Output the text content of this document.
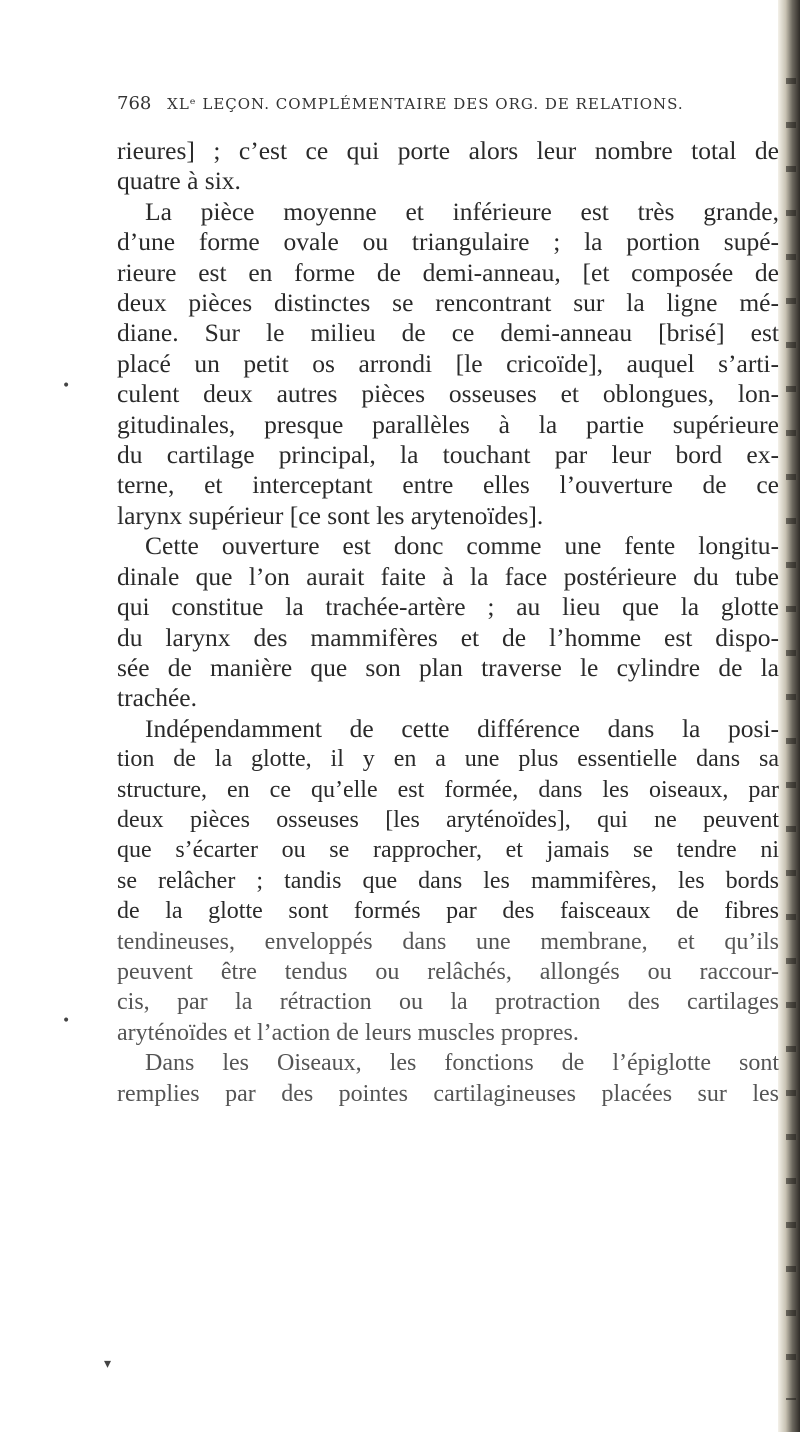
768 XLᵉ LEÇON. COMPLÉMENTAIRE DES ORG. DE RELATIONS.
rieures] ; c’est ce qui porte alors leur nombre total de
quatre à six.
La pièce moyenne et inférieure est très grande,
d’une forme ovale ou triangulaire ; la portion supé-
rieure est en forme de demi-anneau, [et composée de
deux pièces distinctes se rencontrant sur la ligne mé-
diane. Sur le milieu de ce demi-anneau [brisé] est
placé un petit os arrondi [le cricoïde], auquel s’arti-
culent deux autres pièces osseuses et oblongues, lon-
gitudinales, presque parallèles à la partie supérieure
du cartilage principal, la touchant par leur bord ex-
terne, et interceptant entre elles l’ouverture de ce
larynx supérieur [ce sont les arytenoïdes].
Cette ouverture est donc comme une fente longitu-
dinale que l’on aurait faite à la face postérieure du tube
qui constitue la trachée-artère ; au lieu que la glotte
du larynx des mammifères et de l’homme est dispo-
sée de manière que son plan traverse le cylindre de la
trachée.
Indépendamment de cette différence dans la posi-
tion de la glotte, il y en a une plus essentielle dans sa
structure, en ce qu’elle est formée, dans les oiseaux, par
deux pièces osseuses [les aryténoïdes], qui ne peuvent
que s’écarter ou se rapprocher, et jamais se tendre ni
se relâcher ; tandis que dans les mammifères, les bords
de la glotte sont formés par des faisceaux de fibres
tendineuses, enveloppés dans une membrane, et qu’ils
peuvent être tendus ou relâchés, allongés ou raccour-
cis, par la rétraction ou la protraction des cartilages
aryténoïdes et l’action de leurs muscles propres.
Dans les Oiseaux, les fonctions de l’épiglotte sont
remplies par des pointes cartilagineuses placées sur les
•
•
▾
